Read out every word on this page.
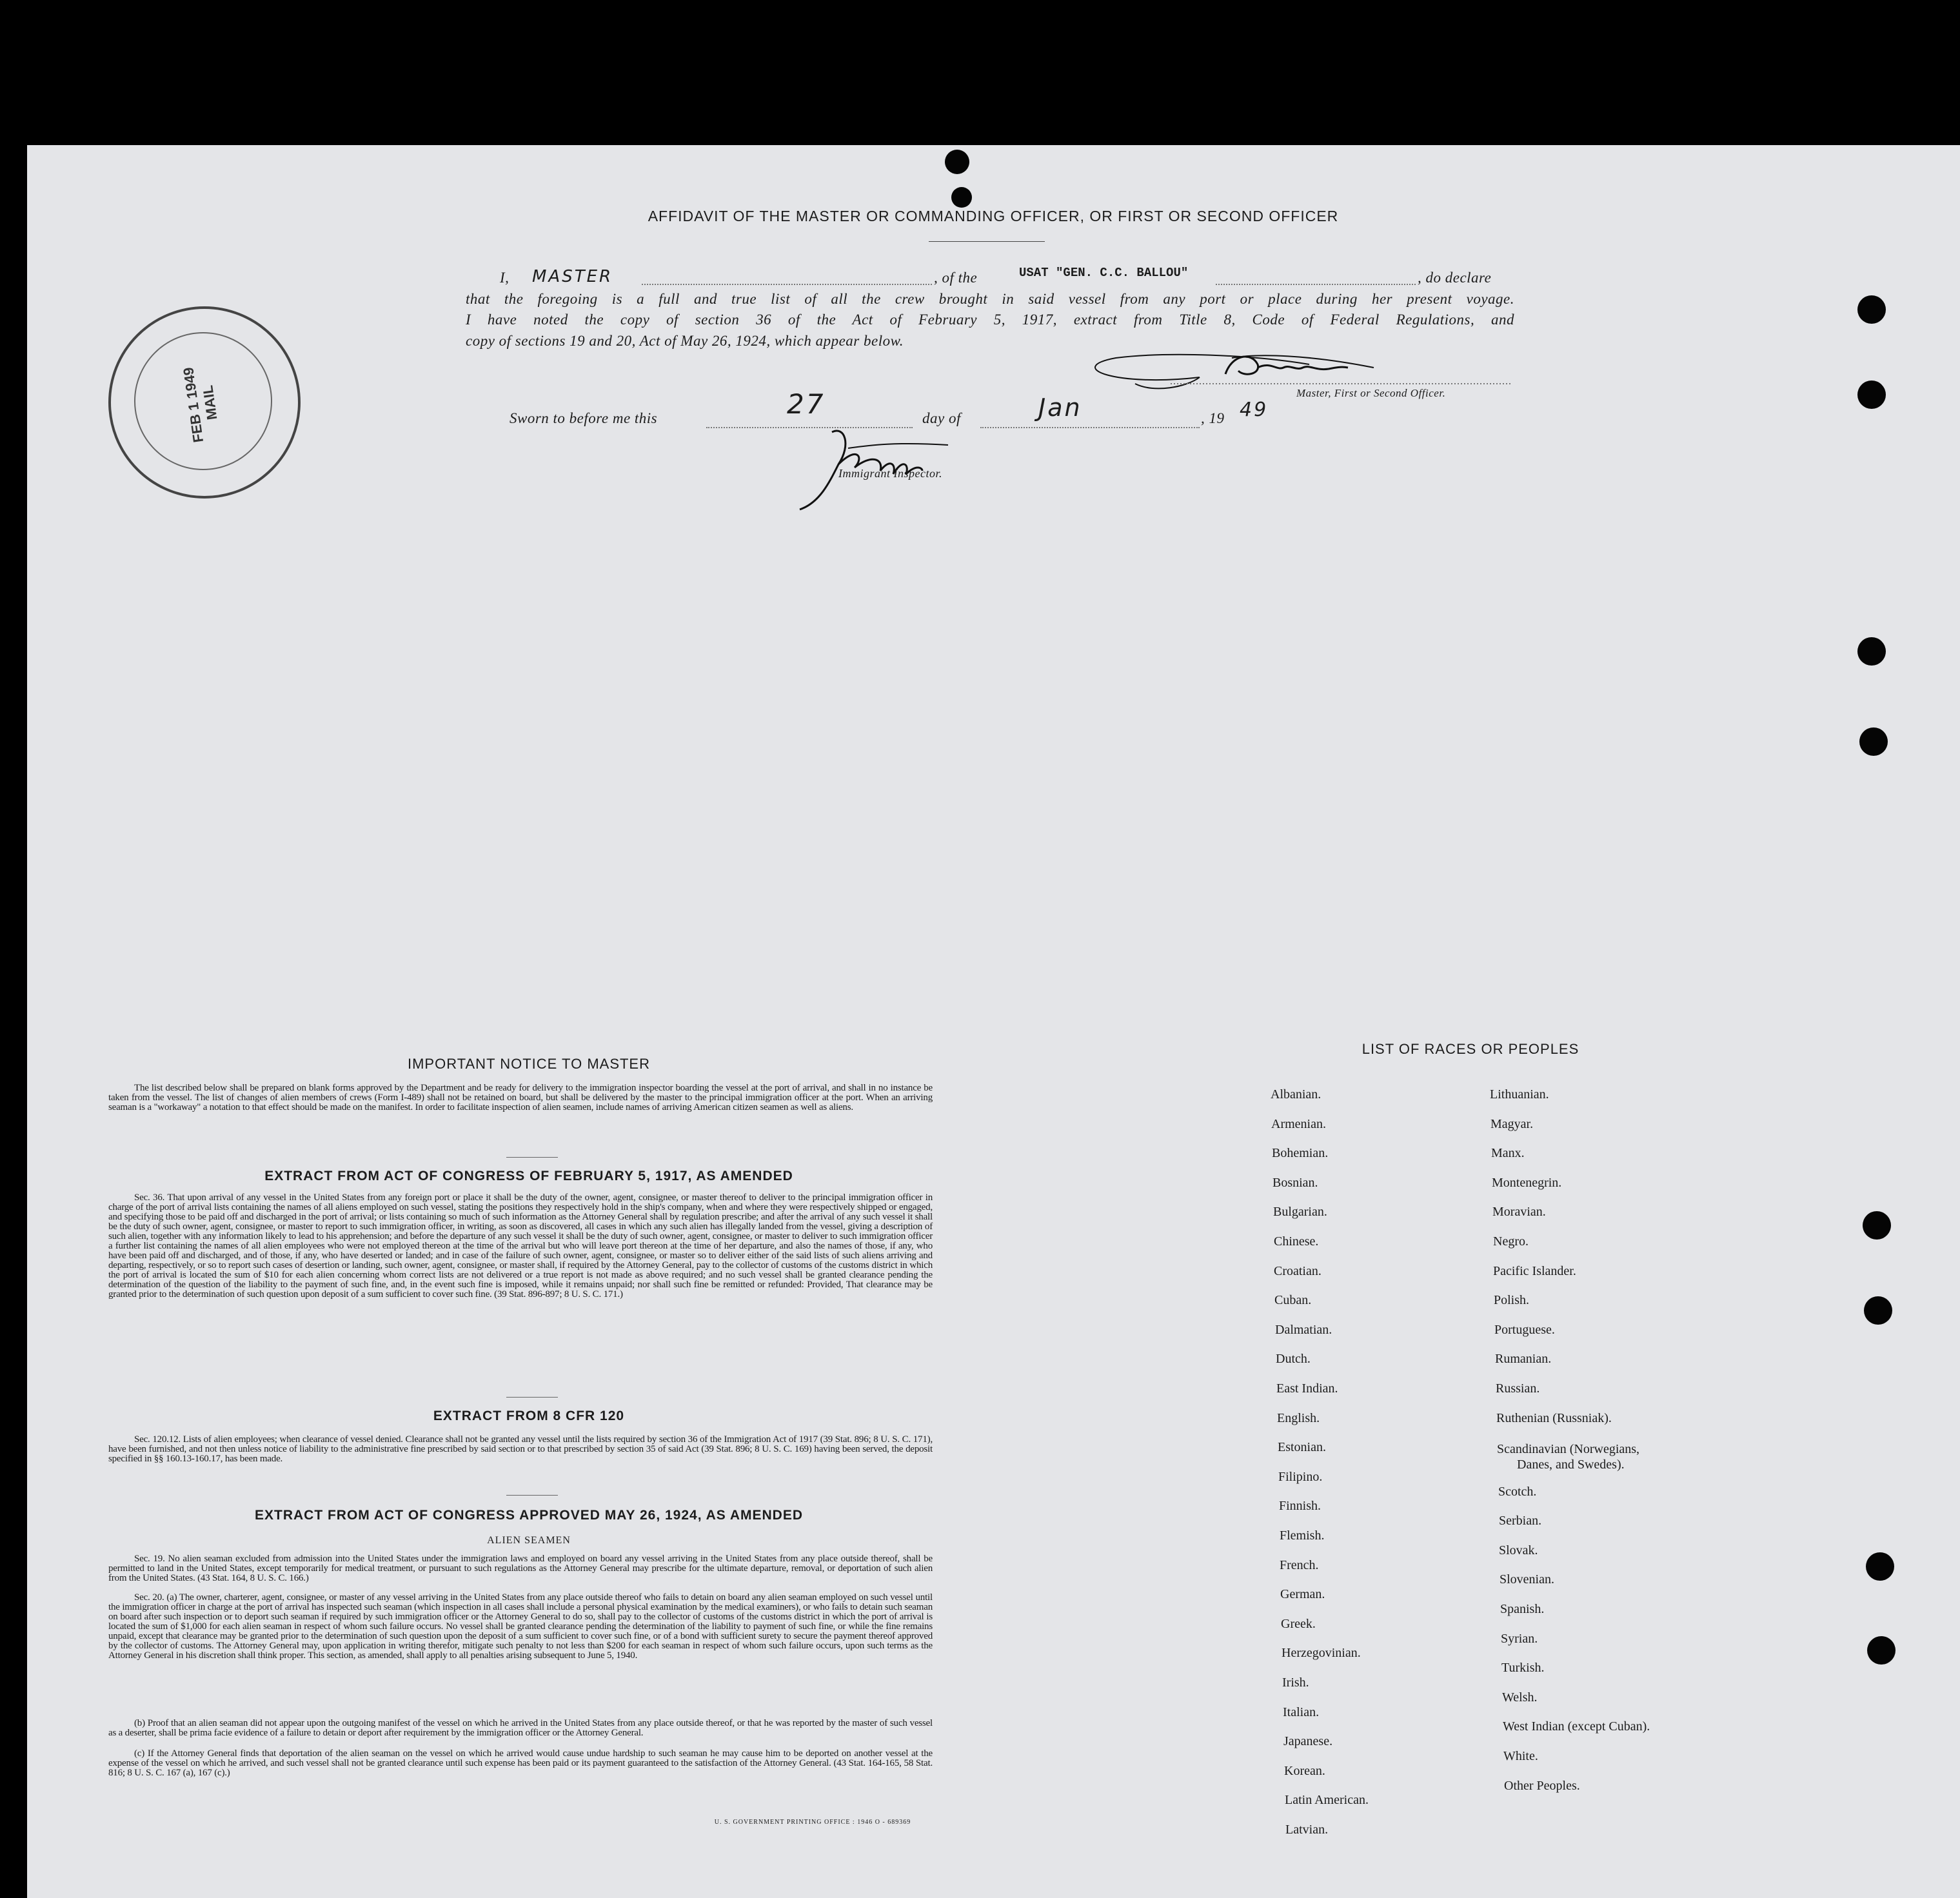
AFFIDAVIT OF THE MASTER OR COMMANDING OFFICER, OR FIRST OR SECOND OFFICER
I, MASTER	, of the	USAT "GEN. C.C. BALLOU"	, do declare
that the foregoing is a full and true list of all the crew brought in said vessel from any port or place during her present voyage.
I have noted the copy of section 36 of the Act of February 5, 1917, extract from Title 8, Code of Federal Regulations, and
copy of sections 19 and 20, Act of May 26, 1924, which appear below.
Master, First or Second Officer.
Sworn to before me this	27	day of	Jan	, 19 49
Immigrant Inspector.
FEB 1 1949 MAIL
IMPORTANT NOTICE TO MASTER
The list described below shall be prepared on blank forms approved by the Department and be ready for delivery to the immigration inspector boarding the vessel at the port of arrival, and shall in no instance be taken from the vessel. The list of changes of alien members of crews (Form I-489) shall not be retained on board, but shall be delivered by the master to the principal immigration officer at the port. When an arriving seaman is a "workaway" a notation to that effect should be made on the manifest. In order to facilitate inspection of alien seamen, include names of arriving American citizen seamen as well as aliens.
EXTRACT FROM ACT OF CONGRESS OF FEBRUARY 5, 1917, AS AMENDED
Sec. 36. That upon arrival of any vessel in the United States from any foreign port or place it shall be the duty of the owner, agent, consignee, or master thereof to deliver to the principal immigration officer in charge of the port of arrival lists containing the names of all aliens employed on such vessel, stating the positions they respectively hold in the ship's company, when and where they were respectively shipped or engaged, and specifying those to be paid off and discharged in the port of arrival; or lists containing so much of such information as the Attorney General shall by regulation prescribe; and after the arrival of any such vessel it shall be the duty of such owner, agent, consignee, or master to report to such immigration officer, in writing, as soon as discovered, all cases in which any such alien has illegally landed from the vessel, giving a description of such alien, together with any information likely to lead to his apprehension; and before the departure of any such vessel it shall be the duty of such owner, agent, consignee, or master to deliver to such immigration officer a further list containing the names of all alien employees who were not employed thereon at the time of the arrival but who will leave port thereon at the time of her departure, and also the names of those, if any, who have been paid off and discharged, and of those, if any, who have deserted or landed; and in case of the failure of such owner, agent, consignee, or master so to deliver either of the said lists of such aliens arriving and departing, respectively, or so to report such cases of desertion or landing, such owner, agent, consignee, or master shall, if required by the Attorney General, pay to the collector of customs of the customs district in which the port of arrival is located the sum of $10 for each alien concerning whom correct lists are not delivered or a true report is not made as above required; and no such vessel shall be granted clearance pending the determination of the question of the liability to the payment of such fine, and, in the event such fine is imposed, while it remains unpaid; nor shall such fine be remitted or refunded: Provided, That clearance may be granted prior to the determination of such question upon deposit of a sum sufficient to cover such fine. (39 Stat. 896-897; 8 U. S. C. 171.)
EXTRACT FROM 8 CFR 120
Sec. 120.12. Lists of alien employees; when clearance of vessel denied. Clearance shall not be granted any vessel until the lists required by section 36 of the Immigration Act of 1917 (39 Stat. 896; 8 U. S. C. 171), have been furnished, and not then unless notice of liability to the administrative fine prescribed by said section or to that prescribed by section 35 of said Act (39 Stat. 896; 8 U. S. C. 169) having been served, the deposit specified in §§ 160.13-160.17, has been made.
EXTRACT FROM ACT OF CONGRESS APPROVED MAY 26, 1924, AS AMENDED
ALIEN SEAMEN
Sec. 19. No alien seaman excluded from admission into the United States under the immigration laws and employed on board any vessel arriving in the United States from any place outside thereof, shall be permitted to land in the United States, except temporarily for medical treatment, or pursuant to such regulations as the Attorney General may prescribe for the ultimate departure, removal, or deportation of such alien from the United States. (43 Stat. 164, 8 U. S. C. 166.)
Sec. 20. (a) The owner, charterer, agent, consignee, or master of any vessel arriving in the United States from any place outside thereof who fails to detain on board any alien seaman employed on such vessel until the immigration officer in charge at the port of arrival has inspected such seaman (which inspection in all cases shall include a personal physical examination by the medical examiners), or who fails to detain such seaman on board after such inspection or to deport such seaman if required by such immigration officer or the Attorney General to do so, shall pay to the collector of customs of the customs district in which the port of arrival is located the sum of $1,000 for each alien seaman in respect of whom such failure occurs. No vessel shall be granted clearance pending the determination of the liability to payment of such fine, or while the fine remains unpaid, except that clearance may be granted prior to the determination of such question upon the deposit of a sum sufficient to cover such fine, or of a bond with sufficient surety to secure the payment thereof approved by the collector of customs. The Attorney General may, upon application in writing therefor, mitigate such penalty to not less than $200 for each seaman in respect of whom such failure occurs, upon such terms as the Attorney General in his discretion shall think proper. This section, as amended, shall apply to all penalties arising subsequent to June 5, 1940.
(b) Proof that an alien seaman did not appear upon the outgoing manifest of the vessel on which he arrived in the United States from any place outside thereof, or that he was reported by the master of such vessel as a deserter, shall be prima facie evidence of a failure to detain or deport after requirement by the immigration officer or the Attorney General.
(c) If the Attorney General finds that deportation of the alien seaman on the vessel on which he arrived would cause undue hardship to such seaman he may cause him to be deported on another vessel at the expense of the vessel on which he arrived, and such vessel shall not be granted clearance until such expense has been paid or its payment guaranteed to the satisfaction of the Attorney General. (43 Stat. 164-165, 58 Stat. 816; 8 U. S. C. 167 (a), 167 (c).)
U. S. GOVERNMENT PRINTING OFFICE : 1946 O - 689369
LIST OF RACES OR PEOPLES
Albanian.
Armenian.
Bohemian.
Bosnian.
Bulgarian.
Chinese.
Croatian.
Cuban.
Dalmatian.
Dutch.
East Indian.
English.
Estonian.
Filipino.
Finnish.
Flemish.
French.
German.
Greek.
Herzegovinian.
Irish.
Italian.
Japanese.
Korean.
Latin American.
Latvian.
Lithuanian.
Magyar.
Manx.
Montenegrin.
Moravian.
Negro.
Pacific Islander.
Polish.
Portuguese.
Rumanian.
Russian.
Ruthenian (Russniak).
Scandinavian (Norwegians,
Danes, and Swedes).
Scotch.
Serbian.
Slovak.
Slovenian.
Spanish.
Syrian.
Turkish.
Welsh.
West Indian (except Cuban).
White.
Other Peoples.
